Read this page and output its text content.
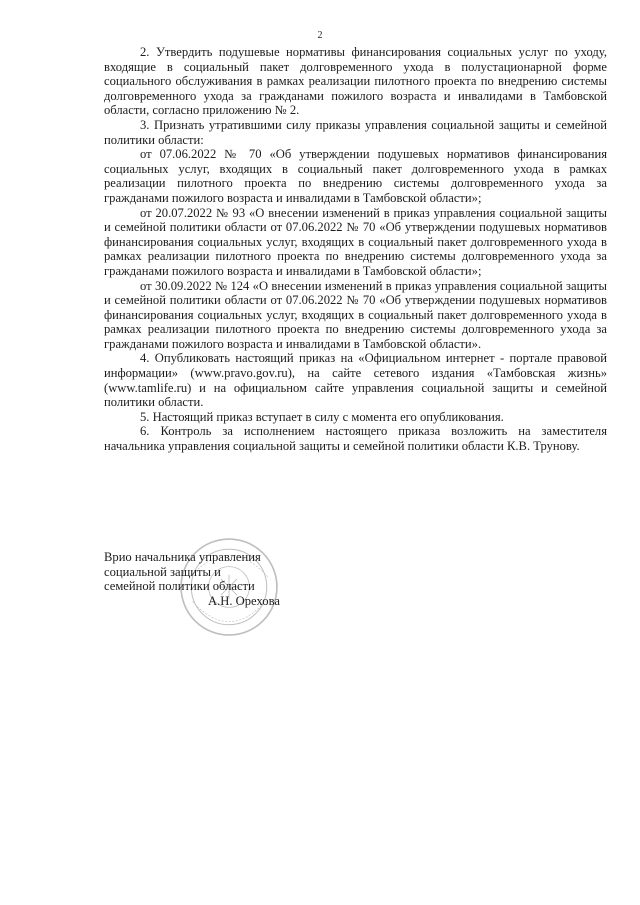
2

2. Утвердить подушевые нормативы финансирования социальных услуг по уходу, входящие в социальный пакет долговременного ухода в полустационарной форме социального обслуживания в рамках реализации пилотного проекта по внедрению системы долговременного ухода за гражданами пожилого возраста и инвалидами в Тамбовской области, согласно приложению № 2.

3. Признать утратившими силу приказы управления социальной защиты и семейной политики области:

от 07.06.2022 № 70 «Об утверждении подушевых нормативов финансирования социальных услуг, входящих в социальный пакет долговременного ухода в рамках реализации пилотного проекта по внедрению системы долговременного ухода за гражданами пожилого возраста и инвалидами в Тамбовской области»;

от 20.07.2022 № 93 «О внесении изменений в приказ управления социальной защиты и семейной политики области от 07.06.2022 № 70 «Об утверждении подушевых нормативов финансирования социальных услуг, входящих в социальный пакет долговременного ухода в рамках реализации пилотного проекта по внедрению системы долговременного ухода за гражданами пожилого возраста и инвалидами в Тамбовской области»;

от 30.09.2022 № 124 «О внесении изменений в приказ управления социальной защиты и семейной политики области от 07.06.2022 № 70 «Об утверждении подушевых нормативов финансирования социальных услуг, входящих в социальный пакет долговременного ухода в рамках реализации пилотного проекта по внедрению системы долговременного ухода за гражданами пожилого возраста и инвалидами в Тамбовской области».

4. Опубликовать настоящий приказ на «Официальном интернет - портале правовой информации» (www.pravo.gov.ru), на сайте сетевого издания «Тамбовская жизнь» (www.tamlife.ru) и на официальном сайте управления социальной защиты и семейной политики области.

5. Настоящий приказ вступает в силу с момента его опубликования.

6. Контроль за исполнением настоящего приказа возложить на заместителя начальника управления социальной защиты и семейной политики области К.В. Трунову.

Врио начальника управления
социальной защиты и
семейной политики области
А.Н. Орехова
